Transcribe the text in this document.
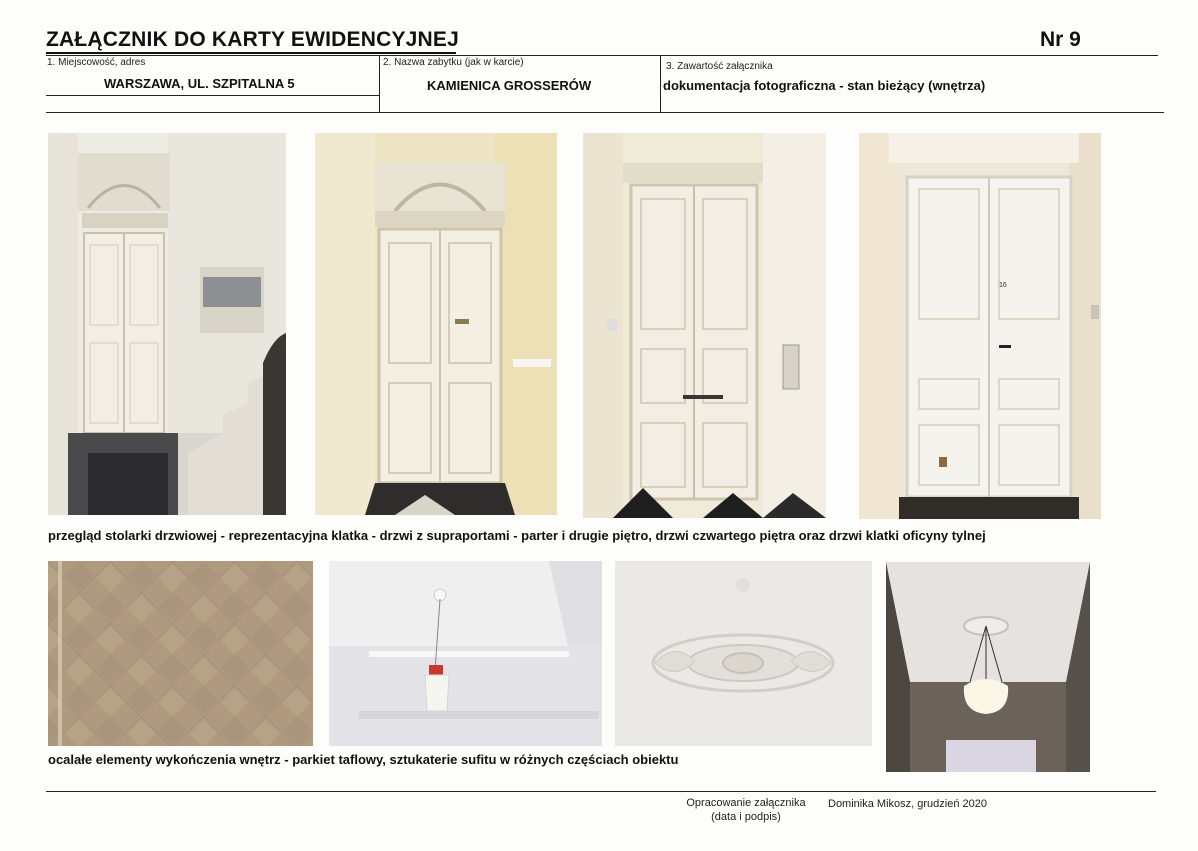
ZAŁĄCZNIK DO KARTY EWIDENCYJNEJ	Nr 9
1. Miejscowość, adres
WARSZAWA, UL. SZPITALNA 5
2. Nazwa zabytku (jak w karcie)
KAMIENICA GROSSERÓW
3. Zawartość załącznika
dokumentacja fotograficzna - stan bieżący (wnętrza)
16
przegląd stolarki drzwiowej - reprezentacyjna klatka - drzwi z supraportami - parter i drugie piętro, drzwi czwartego piętra oraz drzwi klatki oficyny tylnej
ocalałe elementy wykończenia wnętrz - parkiet taflowy, sztukaterie sufitu w różnych częściach obiektu
Opracowanie załącznika
(data i podpis)
Dominika Mikosz, grudzień 2020
